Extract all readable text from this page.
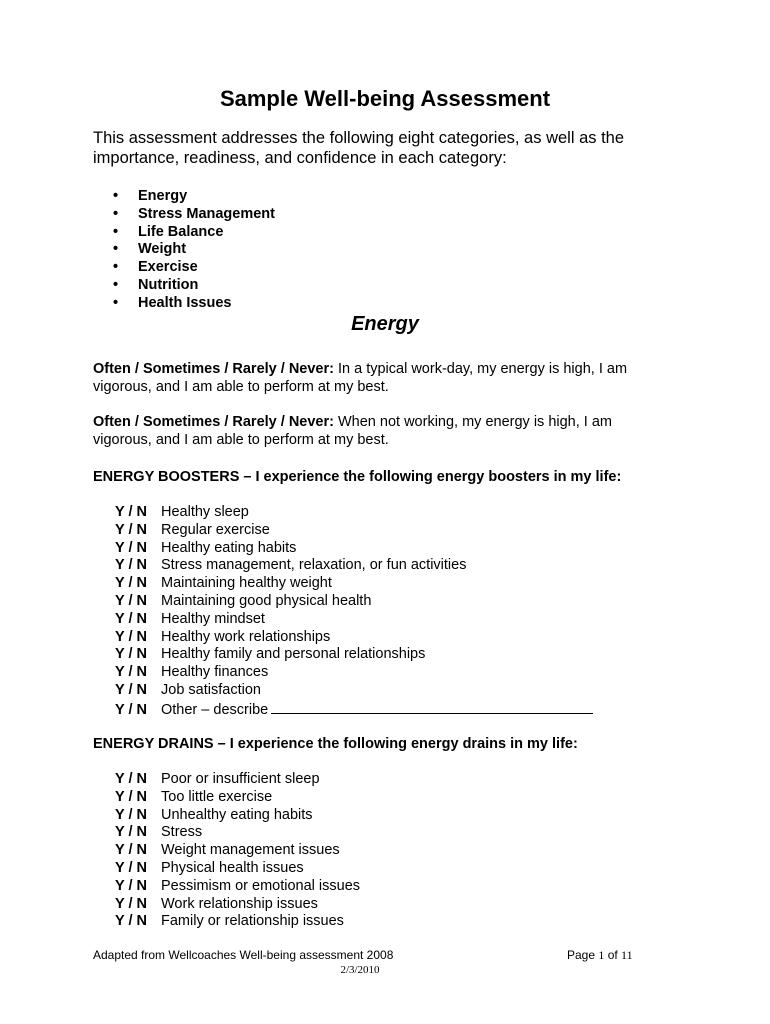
Sample Well-being Assessment
This assessment addresses the following eight categories, as well as the importance, readiness, and confidence in each category:
• Energy
• Stress Management
• Life Balance
• Weight
• Exercise
• Nutrition
• Health Issues
Energy
Often / Sometimes / Rarely / Never: In a typical work-day, my energy is high, I am vigorous, and I am able to perform at my best.
Often / Sometimes / Rarely / Never: When not working, my energy is high, I am vigorous, and I am able to perform at my best.
ENERGY BOOSTERS – I experience the following energy boosters in my life:
Y / N Healthy sleep
Y / N Regular exercise
Y / N Healthy eating habits
Y / N Stress management, relaxation, or fun activities
Y / N Maintaining healthy weight
Y / N Maintaining good physical health
Y / N Healthy mindset
Y / N Healthy work relationships
Y / N Healthy family and personal relationships
Y / N Healthy finances
Y / N Job satisfaction
Y / N Other – describe
ENERGY DRAINS – I experience the following energy drains in my life:
Y / N Poor or insufficient sleep
Y / N Too little exercise
Y / N Unhealthy eating habits
Y / N Stress
Y / N Weight management issues
Y / N Physical health issues
Y / N Pessimism or emotional issues
Y / N Work relationship issues
Y / N Family or relationship issues
Adapted from Wellcoaches Well-being assessment 2008	Page 1 of 11
2/3/2010
